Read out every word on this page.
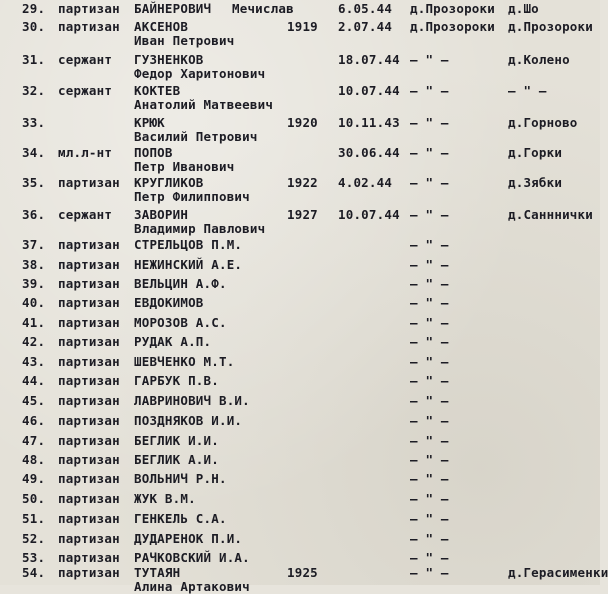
29. партизан БАЙНЕРОВИЧ	6.05.44 д.Прозороки д.Шо
Мечислав
30. партизан АКСЕНОВ	1919 2.07.44 д.Прозороки д.Прозороки
Иван Петрович
31. сержант ГУЗНЕНКОВ	18.07.44 – " –	д.Колено
Федор Харитонович
32. сержант КОКТЕВ	10.07.44 – " –	– " –
Анатолий Матвеевич
33.	КРЮК	1920 10.11.43 – " –	д.Горново
Василий Петрович
34. мл.л-нт ПОПОВ	30.06.44 – " –	д.Горки
Петр Иванович
35. партизан КРУГЛИКОВ	1922 4.02.44 – " –	д.Зябки
Петр Филиппович
36. сержант ЗАВОРИН	1927 10.07.44 – " –	д.Санннички
Владимир Павлович
37. партизан СТРЕЛЬЦОВ П.М.	– " –
38. партизан НЕЖИНСКИЙ А.Е.	– " –
39. партизан ВЕЛЬЦИН А.Ф.	– " –
40. партизан ЕВДОКИМОВ	– " –
41. партизан МОРОЗОВ А.С.	– " –
42. партизан РУДАК А.П.	– " –
43. партизан ШЕВЧЕНКО М.Т.	– " –
44. партизан ГАРБУК П.В.	– " –
45. партизан ЛАВРИНОВИЧ В.И.	– " –
46. партизан ПОЗДНЯКОВ И.И.	– " –
47. партизан БЕГЛИК И.И.	– " –
48. партизан БЕГЛИК А.И.	– " –
49. партизан ВОЛЬНИЧ Р.Н.	– " –
50. партизан ЖУК В.М.	– " –
51. партизан ГЕНКЕЛЬ С.А.	– " –
52. партизан ДУДАРЕНОК П.И.	– " –
53. партизан РАЧКОВСКИЙ И.А.	– " –
54. партизан ТУТАЯН	1925	– " –	д.Герасименки
Алина Артакович
